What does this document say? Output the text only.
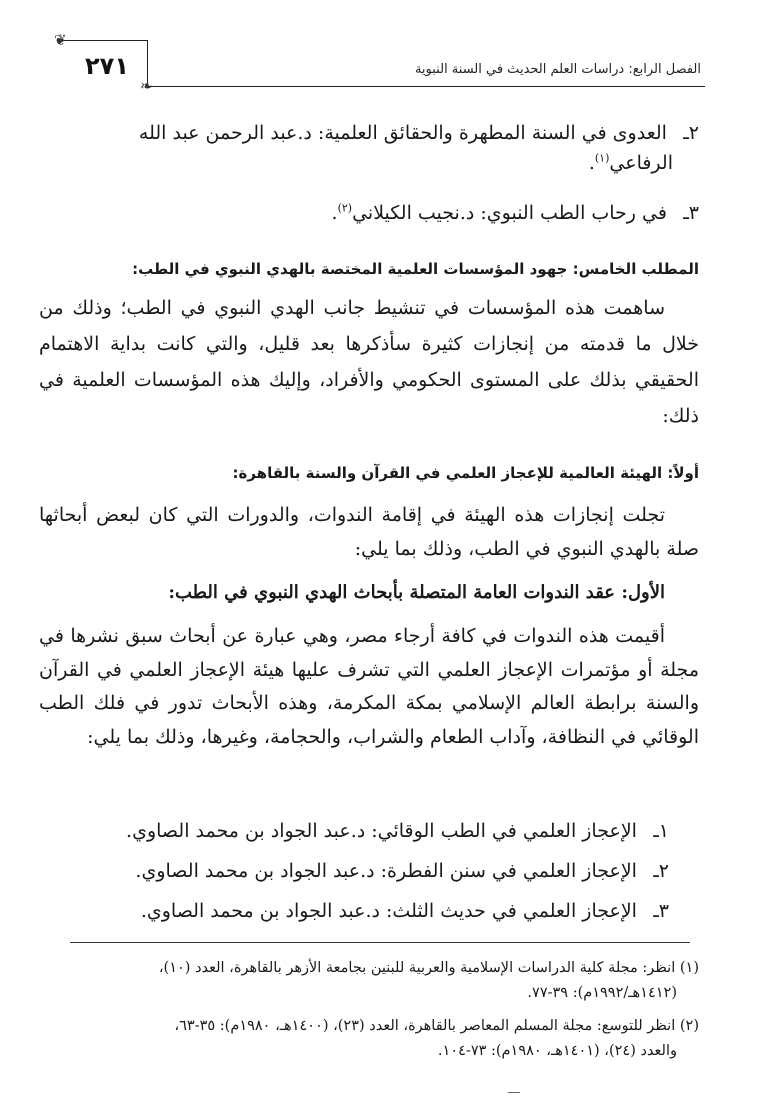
❦
❧
٢٧١	الفصل الرابع: دراسات العلم الحديث في السنة النبوية
٢ـ العدوى في السنة المطهرة والحقائق العلمية: د.عبد الرحمن عبد الله
الرفاعي$^{(١)}$.
٣ـ في رحاب الطب النبوي: د.نجيب الكيلاني$^{(٢)}$.
المطلب الخامس: جهود المؤسسات العلمية المختصة بالهدي النبوي في الطب:
ساهمت هذه المؤسسات في تنشيط جانب الهدي النبوي في الطب؛ وذلك من خلال ما قدمته من إنجازات كثيرة سأذكرها بعد قليل، والتي كانت بداية الاهتمام الحقيقي بذلك على المستوى الحكومي والأفراد، وإليك هذه المؤسسات العلمية في ذلك:
أولاً: الهيئة العالمية للإعجاز العلمي في القرآن والسنة بالقاهرة:
تجلت إنجازات هذه الهيئة في إقامة الندوات، والدورات التي كان لبعض أبحاثها صلة بالهدي النبوي في الطب، وذلك بما يلي:
الأول: عقد الندوات العامة المتصلة بأبحاث الهدي النبوي في الطب:
أقيمت هذه الندوات في كافة أرجاء مصر، وهي عبارة عن أبحاث سبق نشرها في مجلة أو مؤتمرات الإعجاز العلمي التي تشرف عليها هيئة الإعجاز العلمي في القرآن والسنة برابطة العالم الإسلامي بمكة المكرمة، وهذه الأبحاث تدور في فلك الطب الوقائي في النظافة، وآداب الطعام والشراب، والحجامة، وغيرها، وذلك بما يلي:
١ـ الإعجاز العلمي في الطب الوقائي: د.عبد الجواد بن محمد الصاوي.
٢ـ الإعجاز العلمي في سنن الفطرة: د.عبد الجواد بن محمد الصاوي.
٣ـ الإعجاز العلمي في حديث الثلث: د.عبد الجواد بن محمد الصاوي.
(١) انظر: مجلة كلية الدراسات الإسلامية والعربية للبنين بجامعة الأزهر بالقاهرة، العدد (١٠)،
(١٤١٢هـ/١٩٩٢م): ٣٩-٧٧.
(٢) انظر للتوسع: مجلة المسلم المعاصر بالقاهرة، العدد (٢٣)، (١٤٠٠هـ، ١٩٨٠م): ٣٥-٦٣،
والعدد (٢٤)، (١٤٠١هـ، ١٩٨٠م): ٧٣-١٠٤.
